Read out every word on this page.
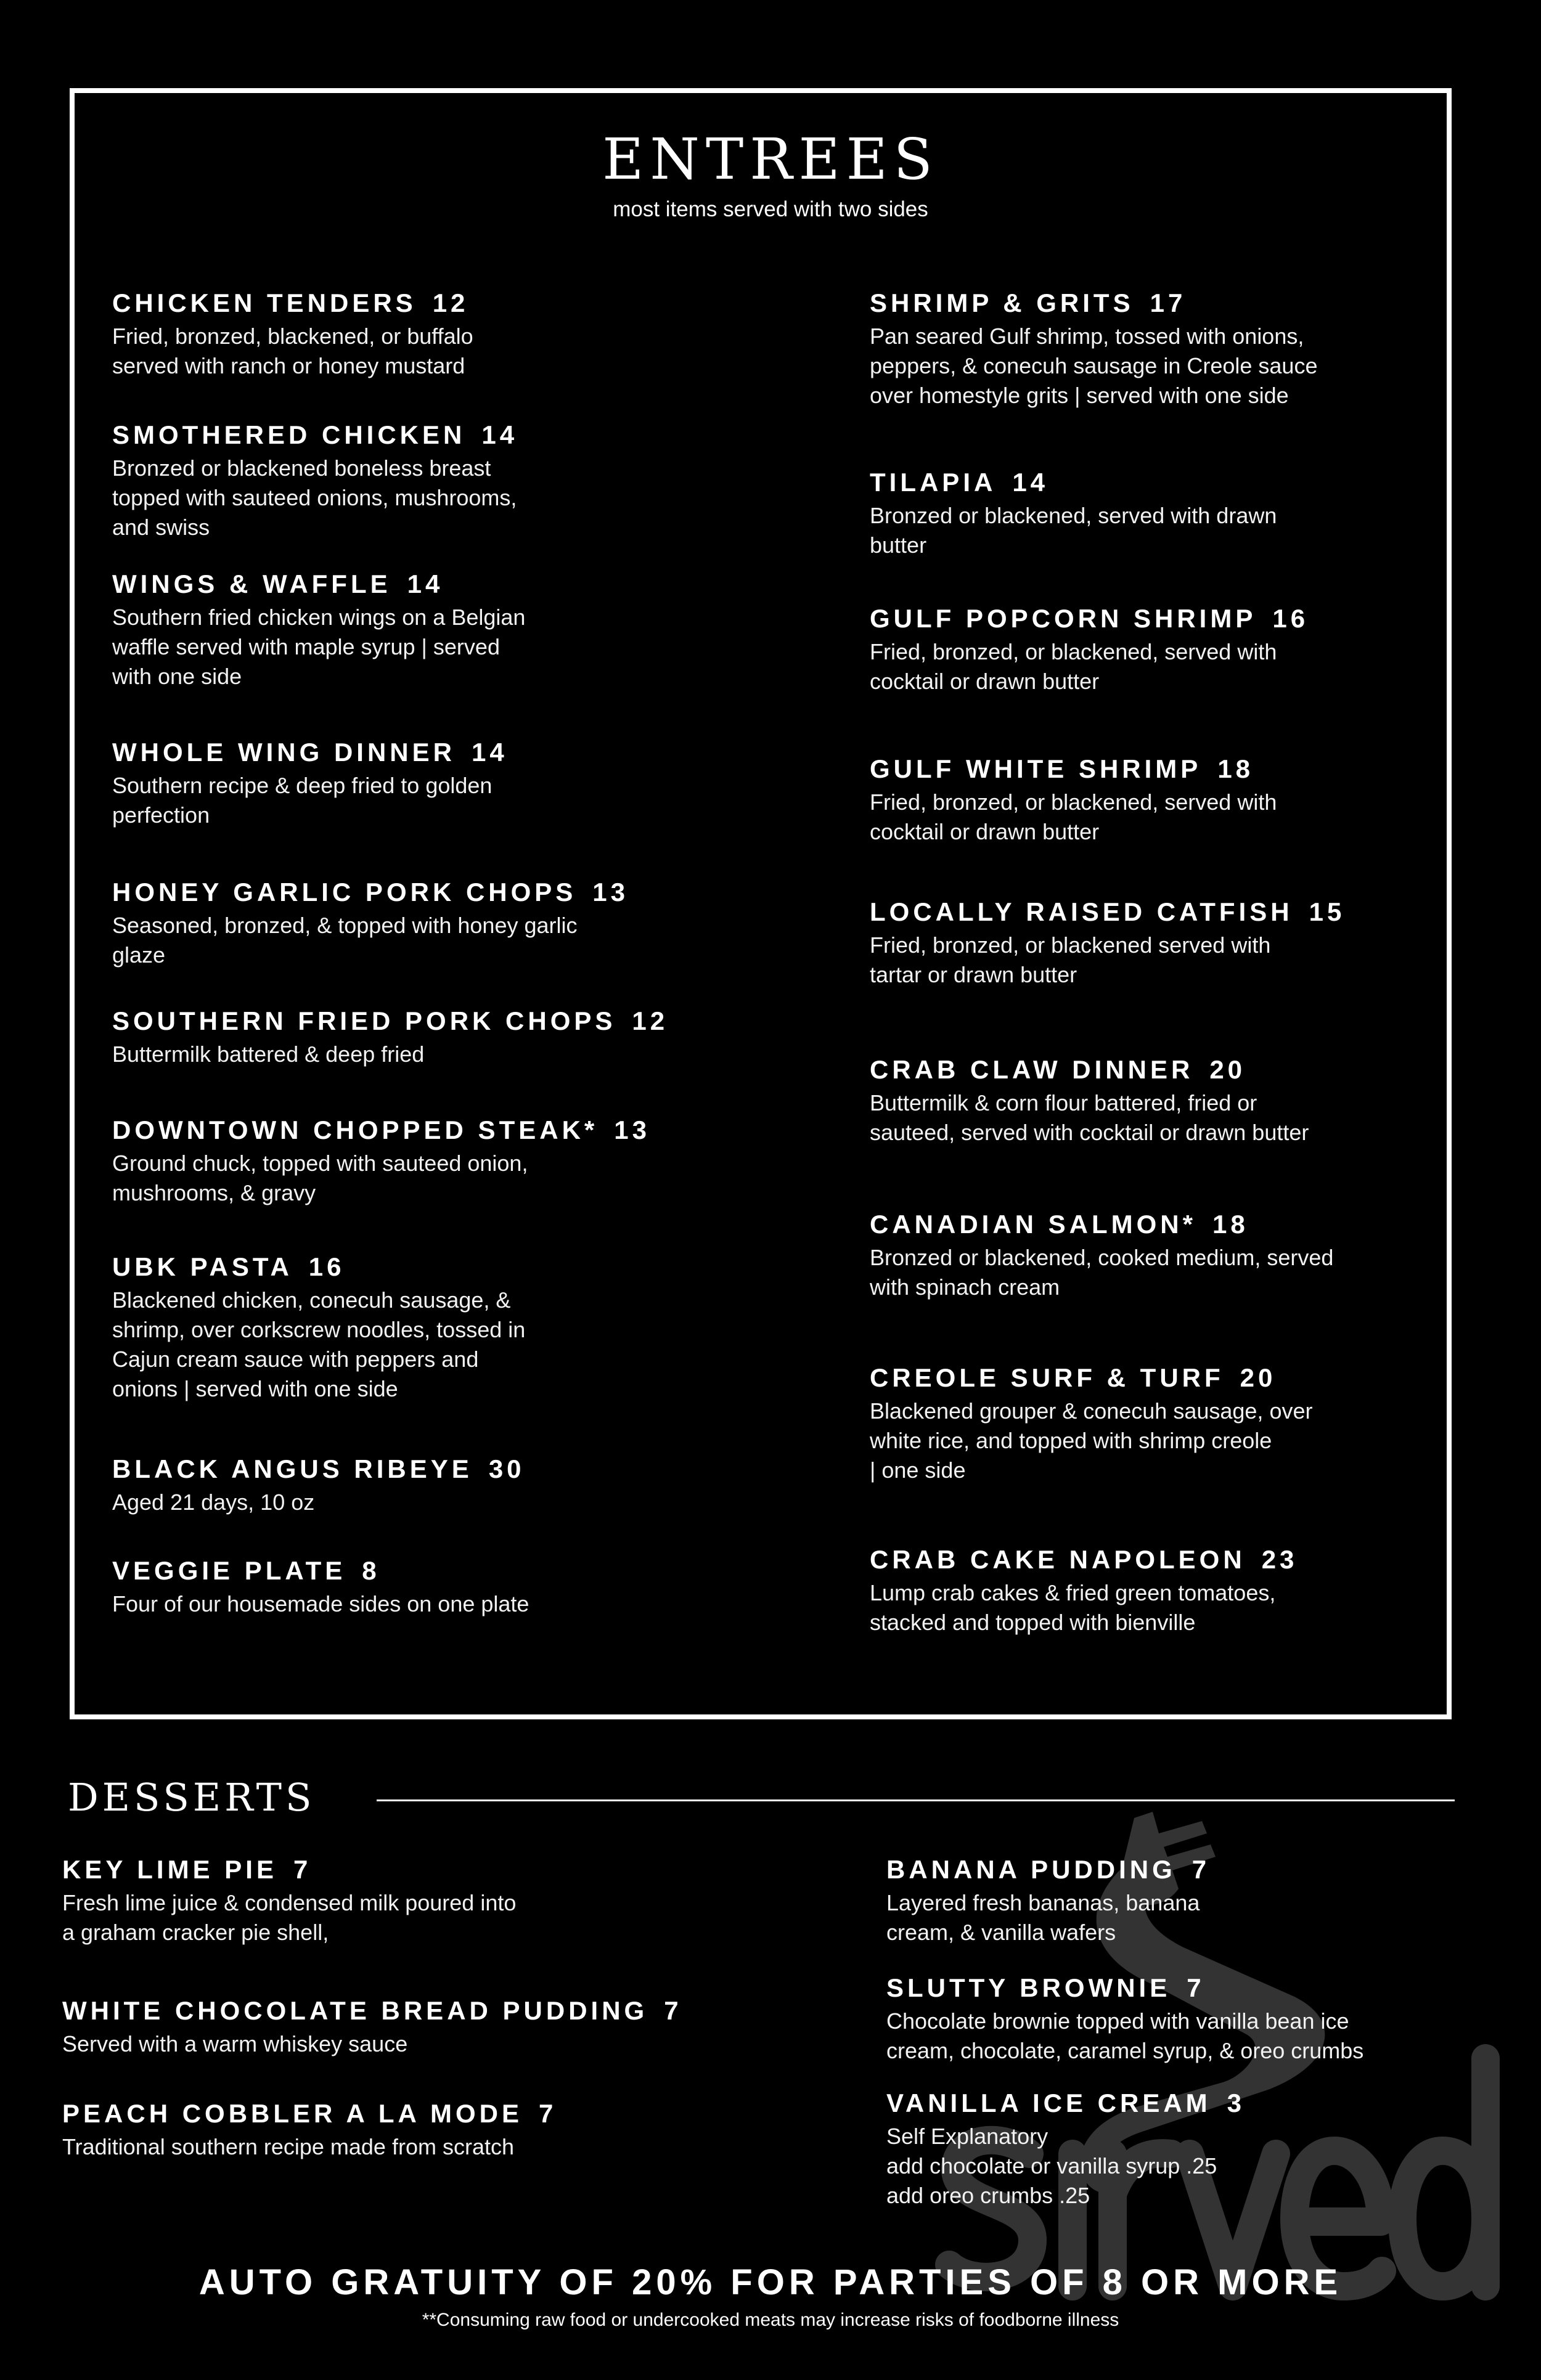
ENTREES
most items served with two sides
CHICKEN TENDERS 12
Fried, bronzed, blackened, or buffalo
served with ranch or honey mustard
SMOTHERED CHICKEN 14
Bronzed or blackened boneless breast
topped with sauteed onions, mushrooms,
and swiss
WINGS & WAFFLE 14
Southern fried chicken wings on a Belgian
waffle served with maple syrup | served
with one side
WHOLE WING DINNER 14
Southern recipe & deep fried to golden
perfection
HONEY GARLIC PORK CHOPS 13
Seasoned, bronzed, & topped with honey garlic
glaze
SOUTHERN FRIED PORK CHOPS 12
Buttermilk battered & deep fried
DOWNTOWN CHOPPED STEAK* 13
Ground chuck, topped with sauteed onion,
mushrooms, & gravy
UBK PASTA 16
Blackened chicken, conecuh sausage, &
shrimp, over corkscrew noodles, tossed in
Cajun cream sauce with peppers and
onions | served with one side
BLACK ANGUS RIBEYE 30
Aged 21 days, 10 oz
VEGGIE PLATE 8
Four of our housemade sides on one plate
SHRIMP & GRITS 17
Pan seared Gulf shrimp, tossed with onions,
peppers, & conecuh sausage in Creole sauce
over homestyle grits | served with one side
TILAPIA 14
Bronzed or blackened, served with drawn
butter
GULF POPCORN SHRIMP 16
Fried, bronzed, or blackened, served with
cocktail or drawn butter
GULF WHITE SHRIMP 18
Fried, bronzed, or blackened, served with
cocktail or drawn butter
LOCALLY RAISED CATFISH 15
Fried, bronzed, or blackened served with
tartar or drawn butter
CRAB CLAW DINNER 20
Buttermilk & corn flour battered, fried or
sauteed, served with cocktail or drawn butter
CANADIAN SALMON* 18
Bronzed or blackened, cooked medium, served
with spinach cream
CREOLE SURF & TURF 20
Blackened grouper & conecuh sausage, over
white rice, and topped with shrimp creole
| one side
CRAB CAKE NAPOLEON 23
Lump crab cakes & fried green tomatoes,
stacked and topped with bienville
KEY LIME PIE 7
Fresh lime juice & condensed milk poured into
a graham cracker pie shell,
WHITE CHOCOLATE BREAD PUDDING 7
Served with a warm whiskey sauce
PEACH COBBLER A LA MODE 7
Traditional southern recipe made from scratch
BANANA PUDDING 7
Layered fresh bananas, banana
cream, & vanilla wafers
SLUTTY BROWNIE 7
Chocolate brownie topped with vanilla bean ice
cream, chocolate, caramel syrup, & oreo crumbs
VANILLA ICE CREAM 3
Self Explanatory
add chocolate or vanilla syrup .25
add oreo crumbs .25
DESSERTS
AUTO GRATUITY OF 20% FOR PARTIES OF 8 OR MORE
**Consuming raw food or undercooked meats may increase risks of foodborne illness
